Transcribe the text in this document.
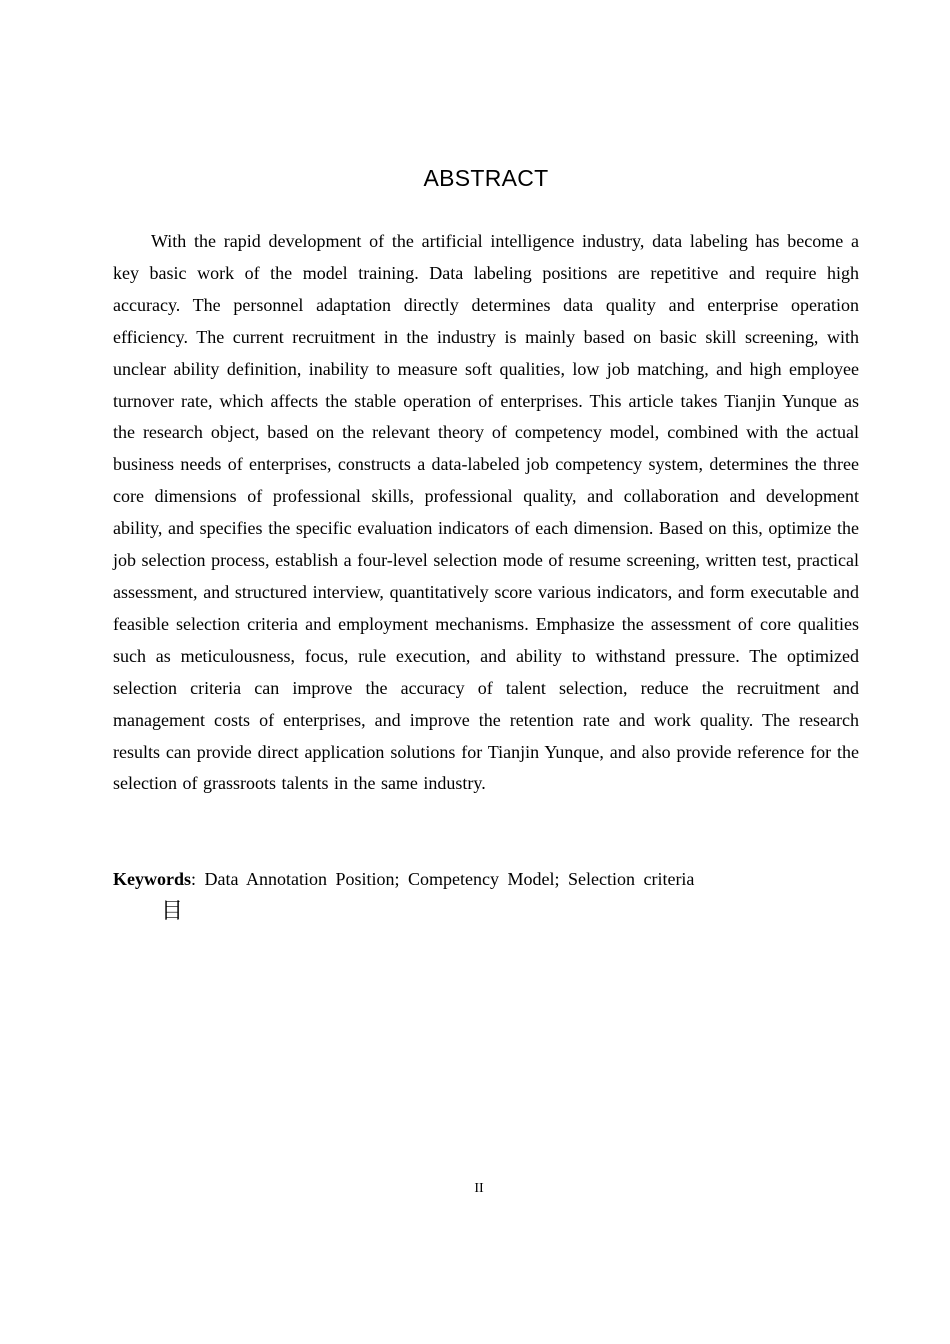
ABSTRACT

With the rapid development of the artificial intelligence industry, data labeling has become a key basic work of the model training. Data labeling positions are repetitive and require high accuracy. The personnel adaptation directly determines data quality and enterprise operation efficiency. The current recruitment in the industry is mainly based on basic skill screening, with unclear ability definition, inability to measure soft qualities, low job matching, and high employee turnover rate, which affects the stable operation of enterprises. This article takes Tianjin Yunque as the research object, based on the relevant theory of competency model, combined with the actual business needs of enterprises, constructs a data-labeled job competency system, determines the three core dimensions of professional skills, professional quality, and collaboration and development ability, and specifies the specific evaluation indicators of each dimension. Based on this, optimize the job selection process, establish a four-level selection mode of resume screening, written test, practical assessment, and structured interview, quantitatively score various indicators, and form executable and feasible selection criteria and employment mechanisms. Emphasize the assessment of core qualities such as meticulousness, focus, rule execution, and ability to withstand pressure. The optimized selection criteria can improve the accuracy of talent selection, reduce the recruitment and management costs of enterprises, and improve the retention rate and work quality. The research results can provide direct application solutions for Tianjin Yunque, and also provide reference for the selection of grassroots talents in the same industry.

Keywords: Data Annotation Position; Competency Model; Selection criteria

目
II
